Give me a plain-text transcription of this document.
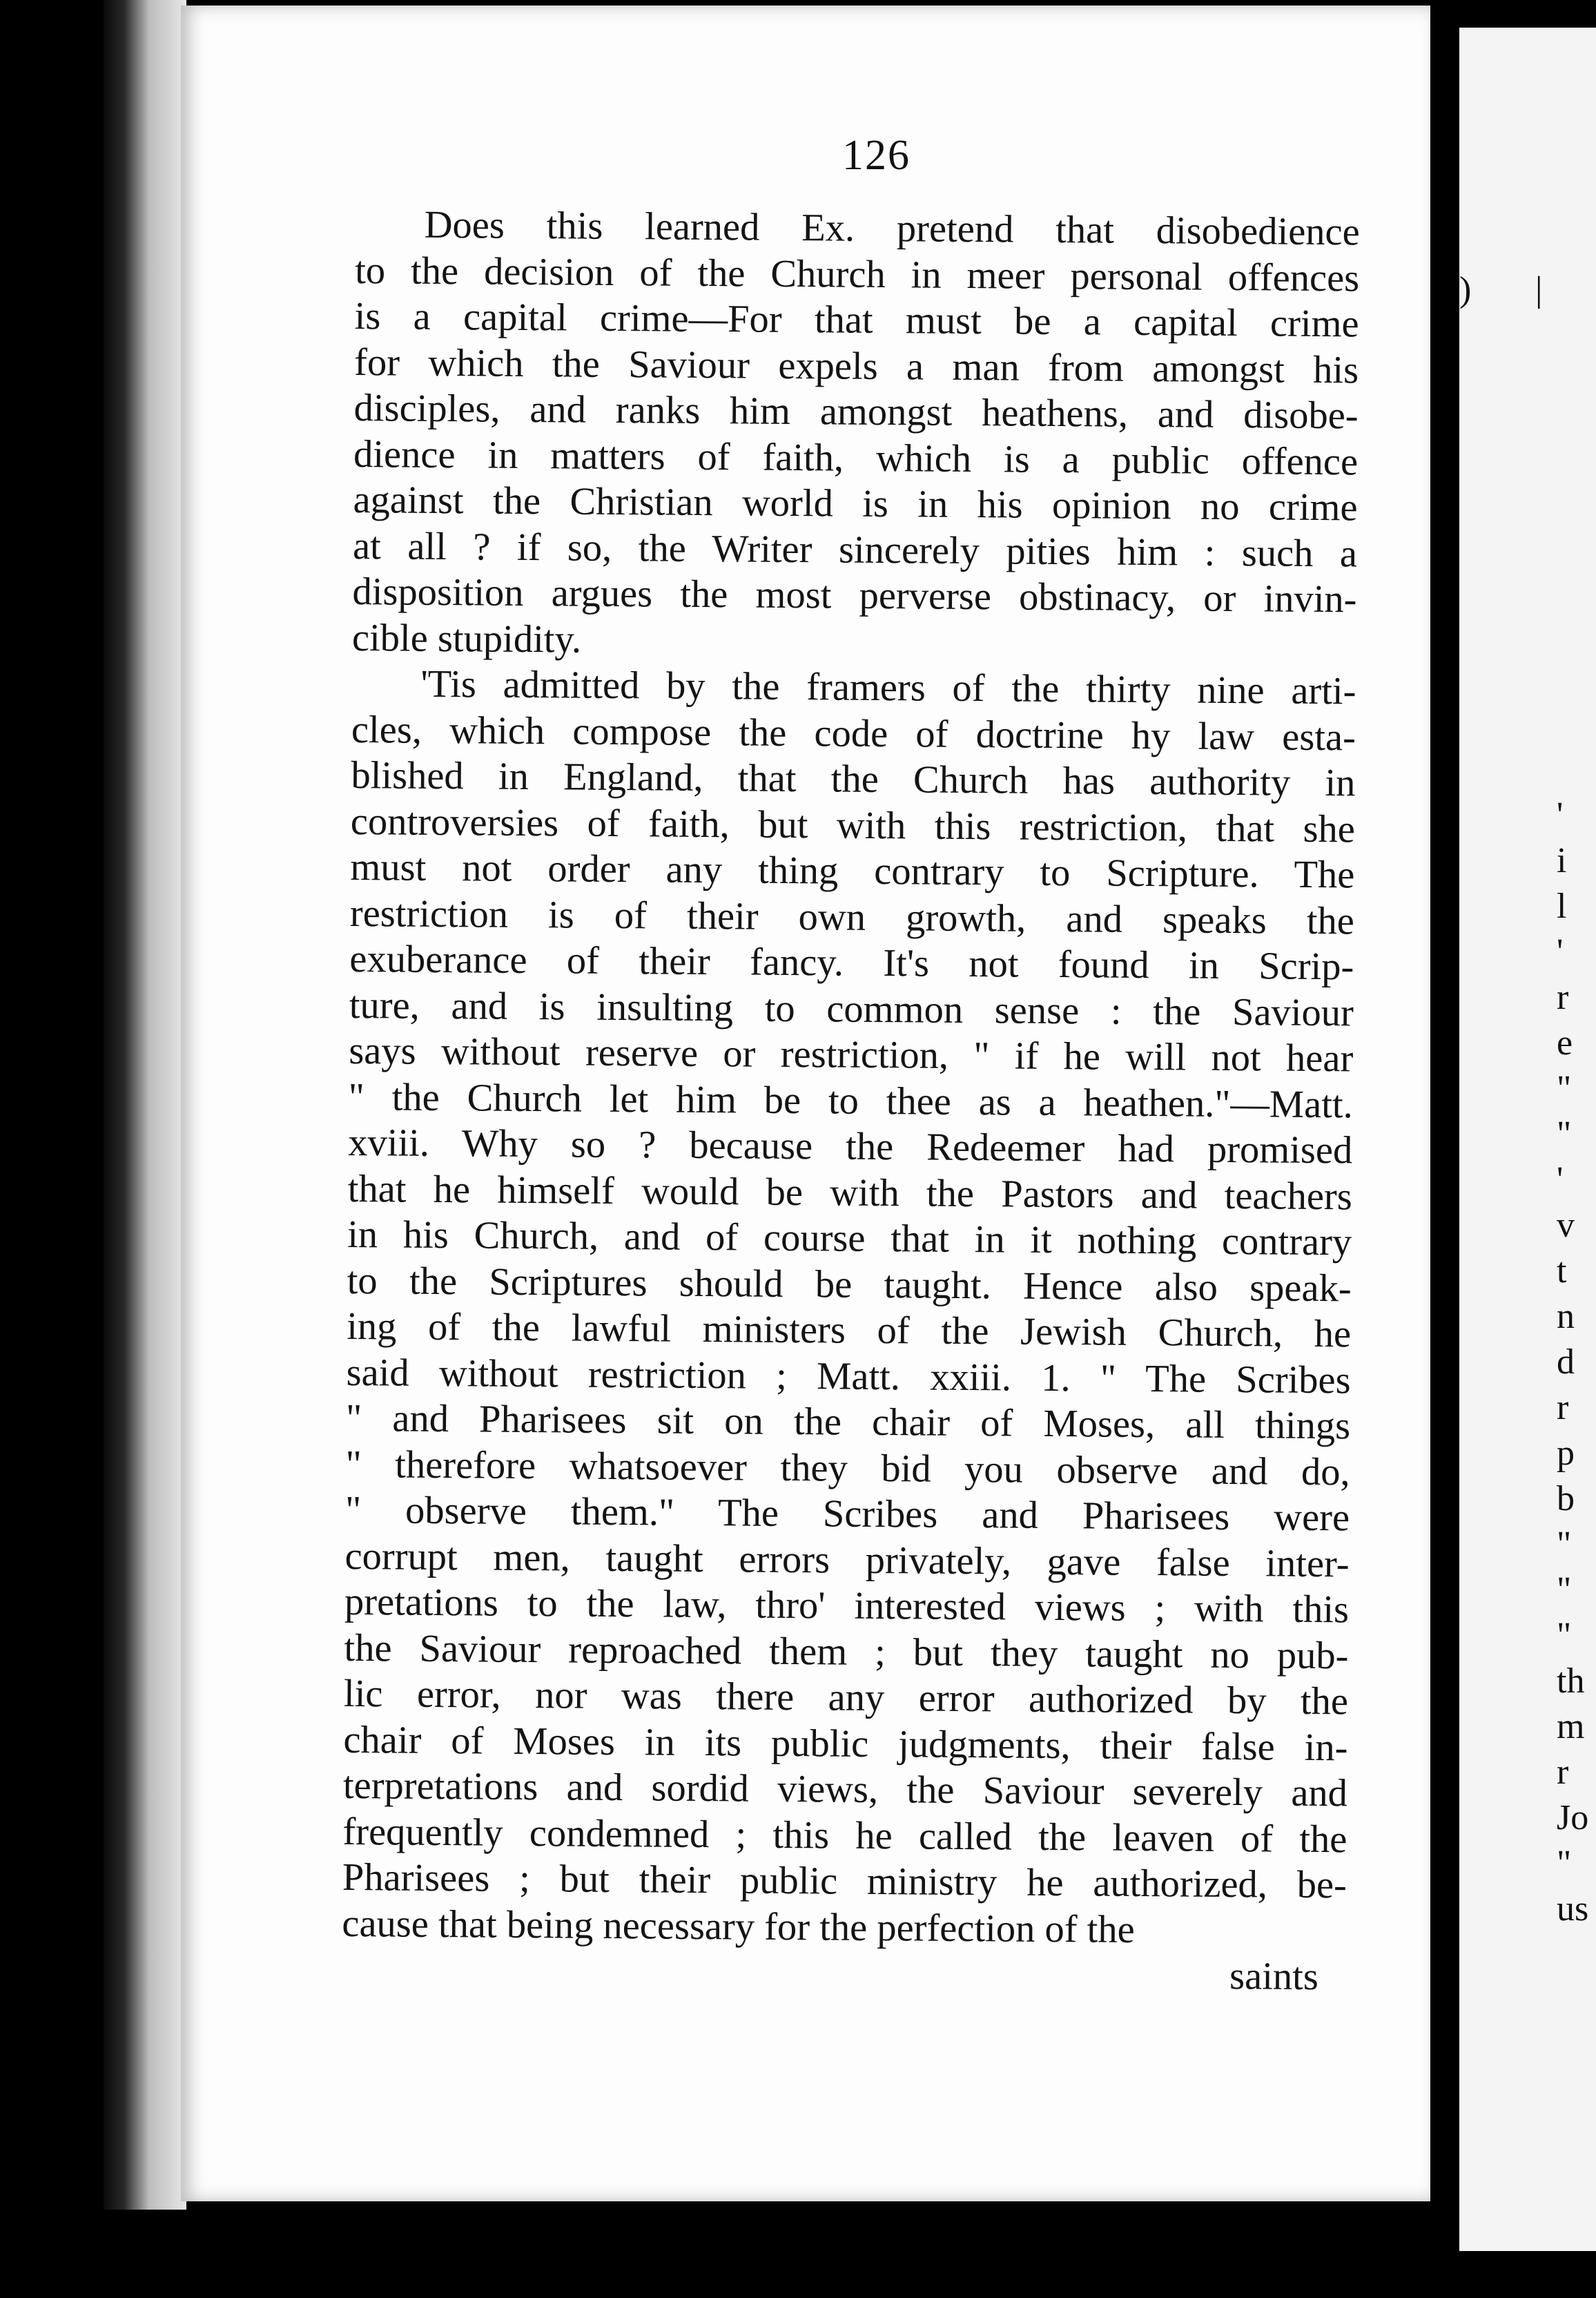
) |
'
i
l
'
r
e
"
"
'
v
t
n
d
r
p
b
"
"
"
th
m
r
Jo
"
us
126

Does this learned Ex. pretend that disobedience
to the decision of the Church in meer personal offences
is a capital crime—For that must be a capital crime
for which the Saviour expels a man from amongst his
disciples, and ranks him amongst heathens, and disobe-
dience in matters of faith, which is a public offence
against the Christian world is in his opinion no crime
at all ? if so, the Writer sincerely pities him : such a
disposition argues the most perverse obstinacy, or invin-
cible stupidity.

'Tis admitted by the framers of the thirty nine arti-
cles, which compose the code of doctrine hy law esta-
blished in England, that the Church has authority in
controversies of faith, but with this restriction, that she
must not order any thing contrary to Scripture. The
restriction is of their own growth, and speaks the
exuberance of their fancy. It's not found in Scrip-
ture, and is insulting to common sense : the Saviour
says without reserve or restriction, " if he will not hear
" the Church let him be to thee as a heathen."—Matt.
xviii. Why so ? because the Redeemer had promised
that he himself would be with the Pastors and teachers
in his Church, and of course that in it nothing contrary
to the Scriptures should be taught. Hence also speak-
ing of the lawful ministers of the Jewish Church, he
said without restriction ; Matt. xxiii. 1. " The Scribes
" and Pharisees sit on the chair of Moses, all things
" therefore whatsoever they bid you observe and do,
" observe them." The Scribes and Pharisees were
corrupt men, taught errors privately, gave false inter-
pretations to the law, thro' interested views ; with this
the Saviour reproached them ; but they taught no pub-
lic error, nor was there any error authorized by the
chair of Moses in its public judgments, their false in-
terpretations and sordid views, the Saviour severely and
frequently condemned ; this he called the leaven of the
Pharisees ; but their public ministry he authorized, be-
cause that being necessary for the perfection of the

saints
